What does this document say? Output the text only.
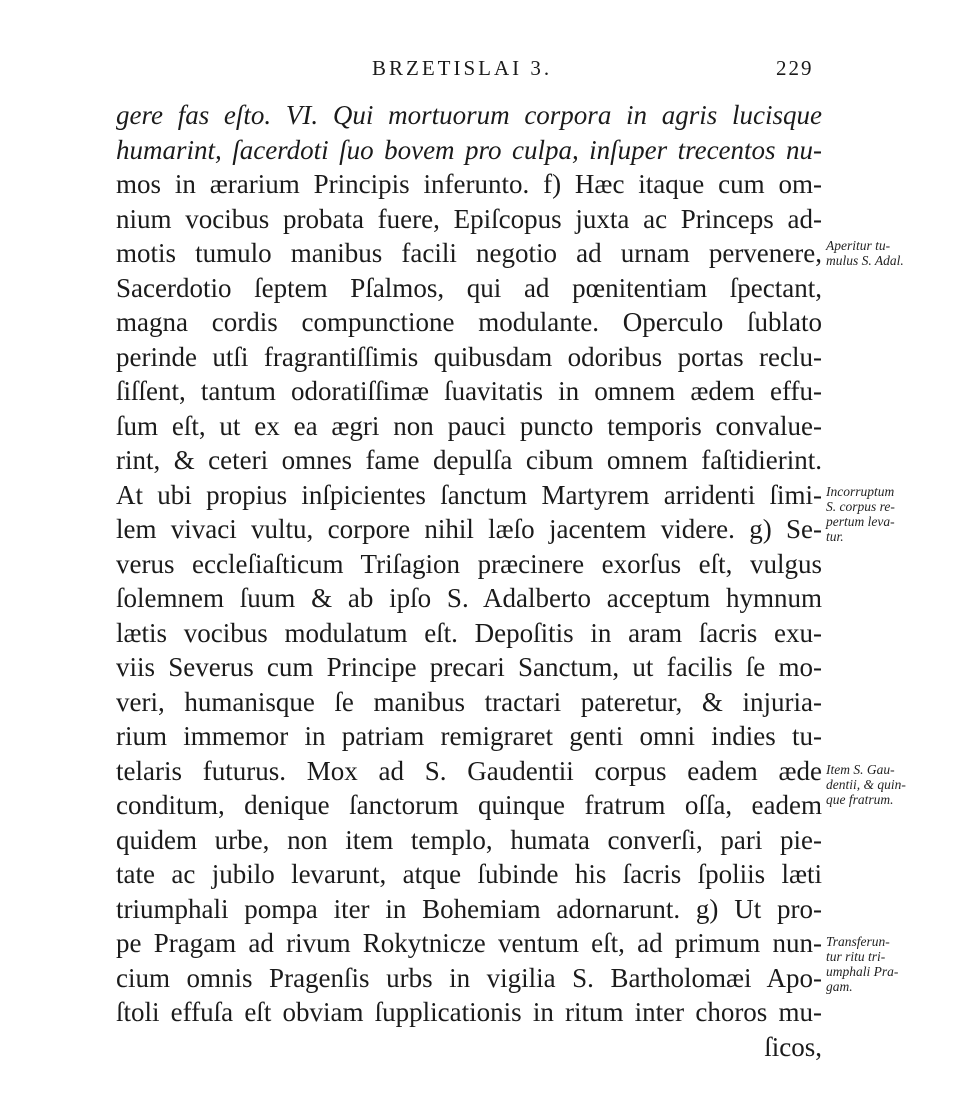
BRZETISLAI 3.	229
gere fas eſto. VI. Qui mortuorum corpora in agris lucisque
humarint, ſacerdoti ſuo bovem pro culpa, inſuper trecentos nu-
mos in ærarium Principis inferunto. f) Hæc itaque cum om-
nium vocibus probata fuere, Epiſcopus juxta ac Princeps ad-
motis tumulo manibus facili negotio ad urnam pervenere,
Sacerdotio ſeptem Pſalmos, qui ad pœnitentiam ſpectant,
magna cordis compunctione modulante. Operculo ſublato
perinde utſi fragrantiſſimis quibusdam odoribus portas reclu-
ſiſſent, tantum odoratiſſimæ ſuavitatis in omnem ædem effu-
ſum eſt, ut ex ea ægri non pauci puncto temporis convalue-
rint, & ceteri omnes fame depulſa cibum omnem faſtidierint.
At ubi propius inſpicientes ſanctum Martyrem arridenti ſimi-
lem vivaci vultu, corpore nihil læſo jacentem videre. g) Se-
verus eccleſiaſticum Triſagion præcinere exorſus eſt, vulgus
ſolemnem ſuum & ab ipſo S. Adalberto acceptum hymnum
lætis vocibus modulatum eſt. Depoſitis in aram ſacris exu-
viis Severus cum Principe precari Sanctum, ut facilis ſe mo-
veri, humanisque ſe manibus tractari pateretur, & injuria-
rium immemor in patriam remigraret genti omni indies tu-
telaris futurus. Mox ad S. Gaudentii corpus eadem æde
conditum, denique ſanctorum quinque fratrum oſſa, eadem
quidem urbe, non item templo, humata converſi, pari pie-
tate ac jubilo levarunt, atque ſubinde his ſacris ſpoliis læti
triumphali pompa iter in Bohemiam adornarunt. g) Ut pro-
pe Pragam ad rivum Rokytnicze ventum eſt, ad primum nun-
cium omnis Pragenſis urbs in vigilia S. Bartholomæi Apo-
ſtoli effuſa eſt obviam ſupplicationis in ritum inter choros mu-
ſicos,
Aperitur tu-
mulus S. Adal.
Incorruptum
S. corpus re-
pertum leva-
tur.
Item S. Gau-
dentii, & quin-
que fratrum.
Transferun-
tur ritu tri-
umphali Pra-
gam.
